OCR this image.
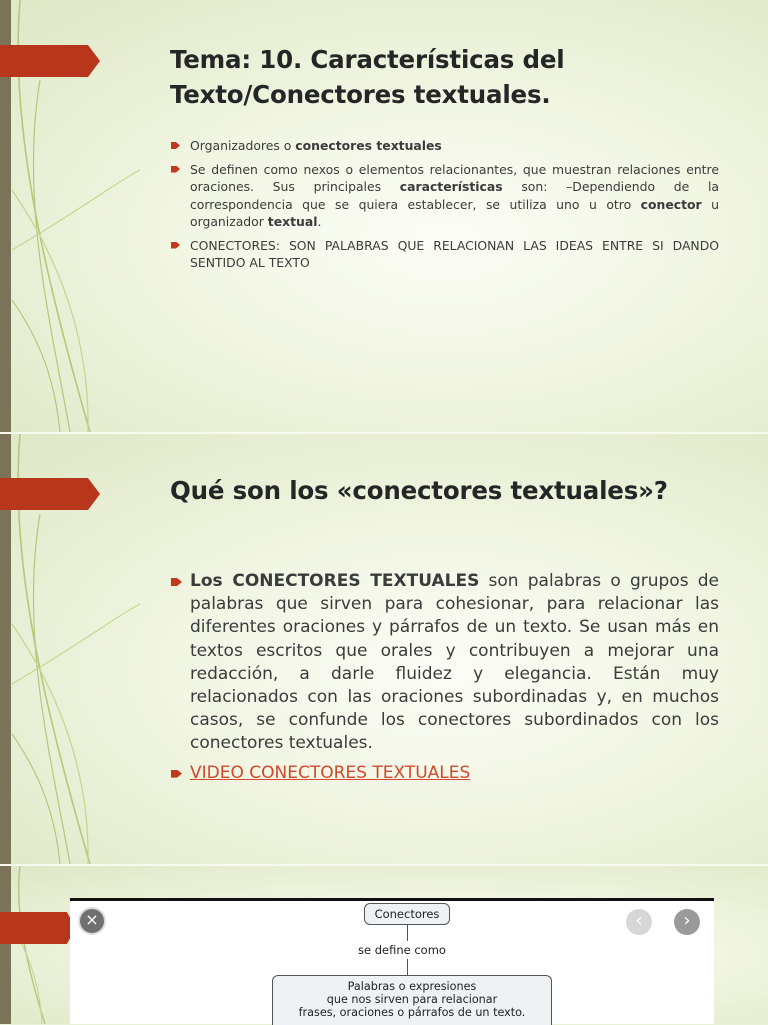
Tema: 10. Características del
Texto/Conectores textuales.
Organizadores o conectores textuales
Se definen como nexos o elementos relacionantes, que muestran relaciones entre oraciones. Sus principales características son: –Dependiendo de la correspondencia que se quiera establecer, se utiliza uno u otro conector u organizador textual.
CONECTORES: SON PALABRAS QUE RELACIONAN LAS IDEAS ENTRE SI DANDO SENTIDO AL TEXTO
Qué son los «conectores textuales»?
Los CONECTORES TEXTUALES son palabras o grupos de palabras que sirven para cohesionar, para relacionar las diferentes oraciones y párrafos de un texto. Se usan más en textos escritos que orales y contribuyen a mejorar una redacción, a darle fluidez y elegancia. Están muy relacionados con las oraciones subordinadas y, en muchos casos, se confunde los conectores subordinados con los conectores textuales.
VIDEO CONECTORES TEXTUALES
×	‹	›
Conectores
se define como
Palabras o expresiones
que nos sirven para relacionar
frases, oraciones o párrafos de un texto.
